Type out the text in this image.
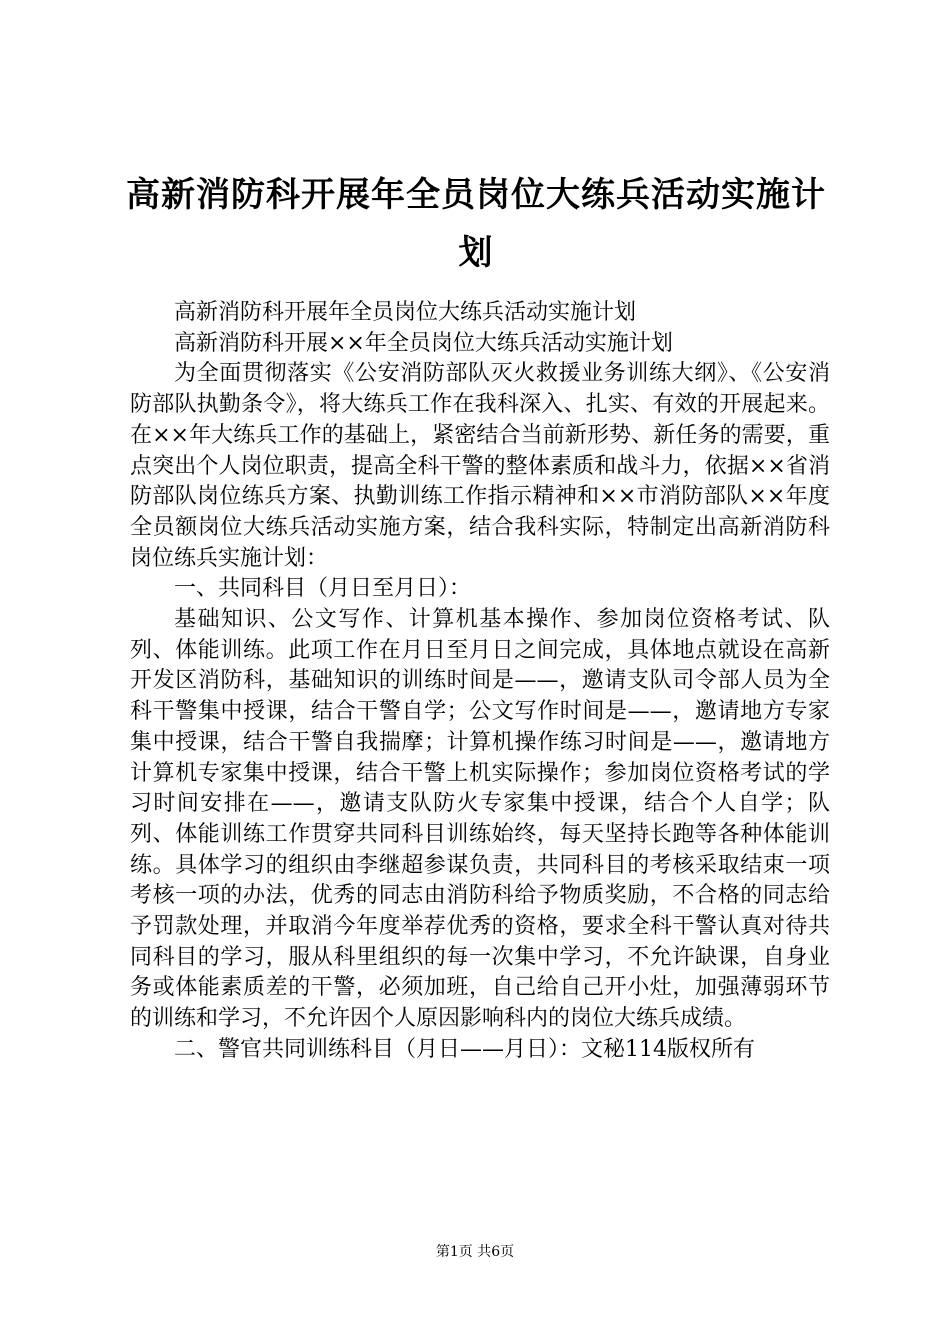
高新消防科开展年全员岗位大练兵活动实施计划

高新消防科开展年全员岗位大练兵活动实施计划

高新消防科开展××年全员岗位大练兵活动实施计划

为全面贯彻落实《公安消防部队灭火救援业务训练大纲》、《公安消防部队执勤条令》，将大练兵工作在我科深入、扎实、有效的开展起来。在××年大练兵工作的基础上，紧密结合当前新形势、新任务的需要，重点突出个人岗位职责，提高全科干警的整体素质和战斗力，依据××省消防部队岗位练兵方案、执勤训练工作指示精神和××市消防部队××年度全员额岗位大练兵活动实施方案，结合我科实际，特制定出高新消防科岗位练兵实施计划：

一、共同科目（月日至月日）：

基础知识、公文写作、计算机基本操作、参加岗位资格考试、队列、体能训练。此项工作在月日至月日之间完成，具体地点就设在高新开发区消防科，基础知识的训练时间是——，邀请支队司令部人员为全科干警集中授课，结合干警自学；公文写作时间是——，邀请地方专家集中授课，结合干警自我揣摩；计算机操作练习时间是——，邀请地方计算机专家集中授课，结合干警上机实际操作；参加岗位资格考试的学习时间安排在——，邀请支队防火专家集中授课，结合个人自学；队列、体能训练工作贯穿共同科目训练始终，每天坚持长跑等各种体能训练。具体学习的组织由李继超参谋负责，共同科目的考核采取结束一项考核一项的办法，优秀的同志由消防科给予物质奖励，不合格的同志给予罚款处理，并取消今年度举荐优秀的资格，要求全科干警认真对待共同科目的学习，服从科里组织的每一次集中学习，不允许缺课，自身业务或体能素质差的干警，必须加班，自己给自己开小灶，加强薄弱环节的训练和学习，不允许因个人原因影响科内的岗位大练兵成绩。

二、警官共同训练科目（月日——月日）：文秘114版权所有

第1页 共6页
